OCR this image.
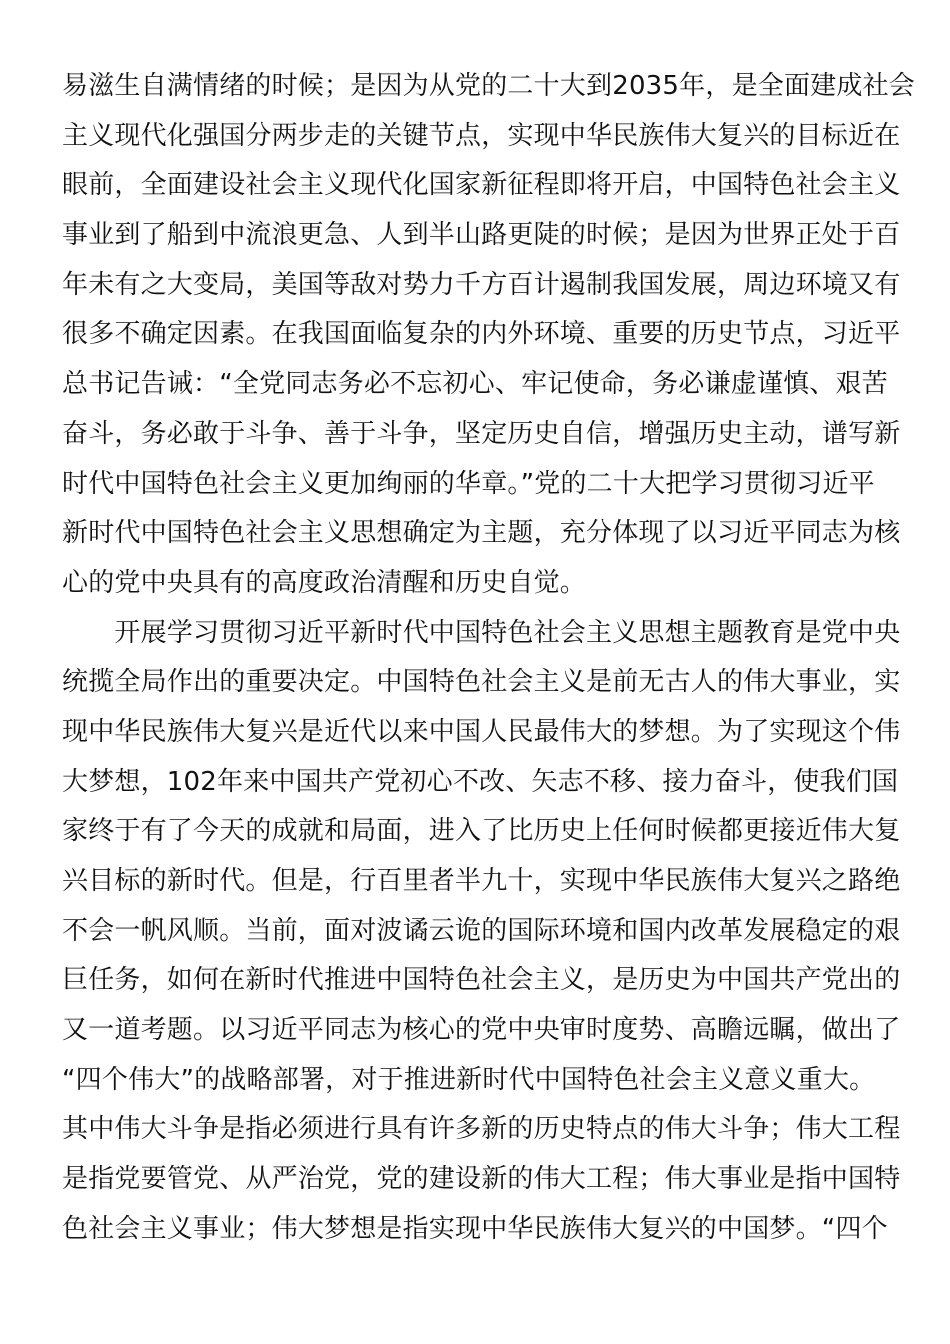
易滋生自满情绪的时候；是因为从党的二十大到2035年，是全面建成社会
主义现代化强国分两步走的关键节点，实现中华民族伟大复兴的目标近在
眼前，全面建设社会主义现代化国家新征程即将开启，中国特色社会主义
事业到了船到中流浪更急、人到半山路更陡的时候；是因为世界正处于百
年未有之大变局，美国等敌对势力千方百计遏制我国发展，周边环境又有
很多不确定因素。在我国面临复杂的内外环境、重要的历史节点，习近平
总书记告诫：“全党同志务必不忘初心、牢记使命，务必谦虚谨慎、艰苦
奋斗，务必敢于斗争、善于斗争，坚定历史自信，增强历史主动，谱写新
时代中国特色社会主义更加绚丽的华章。”党的二十大把学习贯彻习近平
新时代中国特色社会主义思想确定为主题，充分体现了以习近平同志为核
心的党中央具有的高度政治清醒和历史自觉。
　　开展学习贯彻习近平新时代中国特色社会主义思想主题教育是党中央
统揽全局作出的重要决定。中国特色社会主义是前无古人的伟大事业，实
现中华民族伟大复兴是近代以来中国人民最伟大的梦想。为了实现这个伟
大梦想，102年来中国共产党初心不改、矢志不移、接力奋斗，使我们国
家终于有了今天的成就和局面，进入了比历史上任何时候都更接近伟大复
兴目标的新时代。但是，行百里者半九十，实现中华民族伟大复兴之路绝
不会一帆风顺。当前，面对波谲云诡的国际环境和国内改革发展稳定的艰
巨任务，如何在新时代推进中国特色社会主义，是历史为中国共产党出的
又一道考题。以习近平同志为核心的党中央审时度势、高瞻远瞩，做出了
“四个伟大”的战略部署，对于推进新时代中国特色社会主义意义重大。
其中伟大斗争是指必须进行具有许多新的历史特点的伟大斗争；伟大工程
是指党要管党、从严治党，党的建设新的伟大工程；伟大事业是指中国特
色社会主义事业；伟大梦想是指实现中华民族伟大复兴的中国梦。“四个
